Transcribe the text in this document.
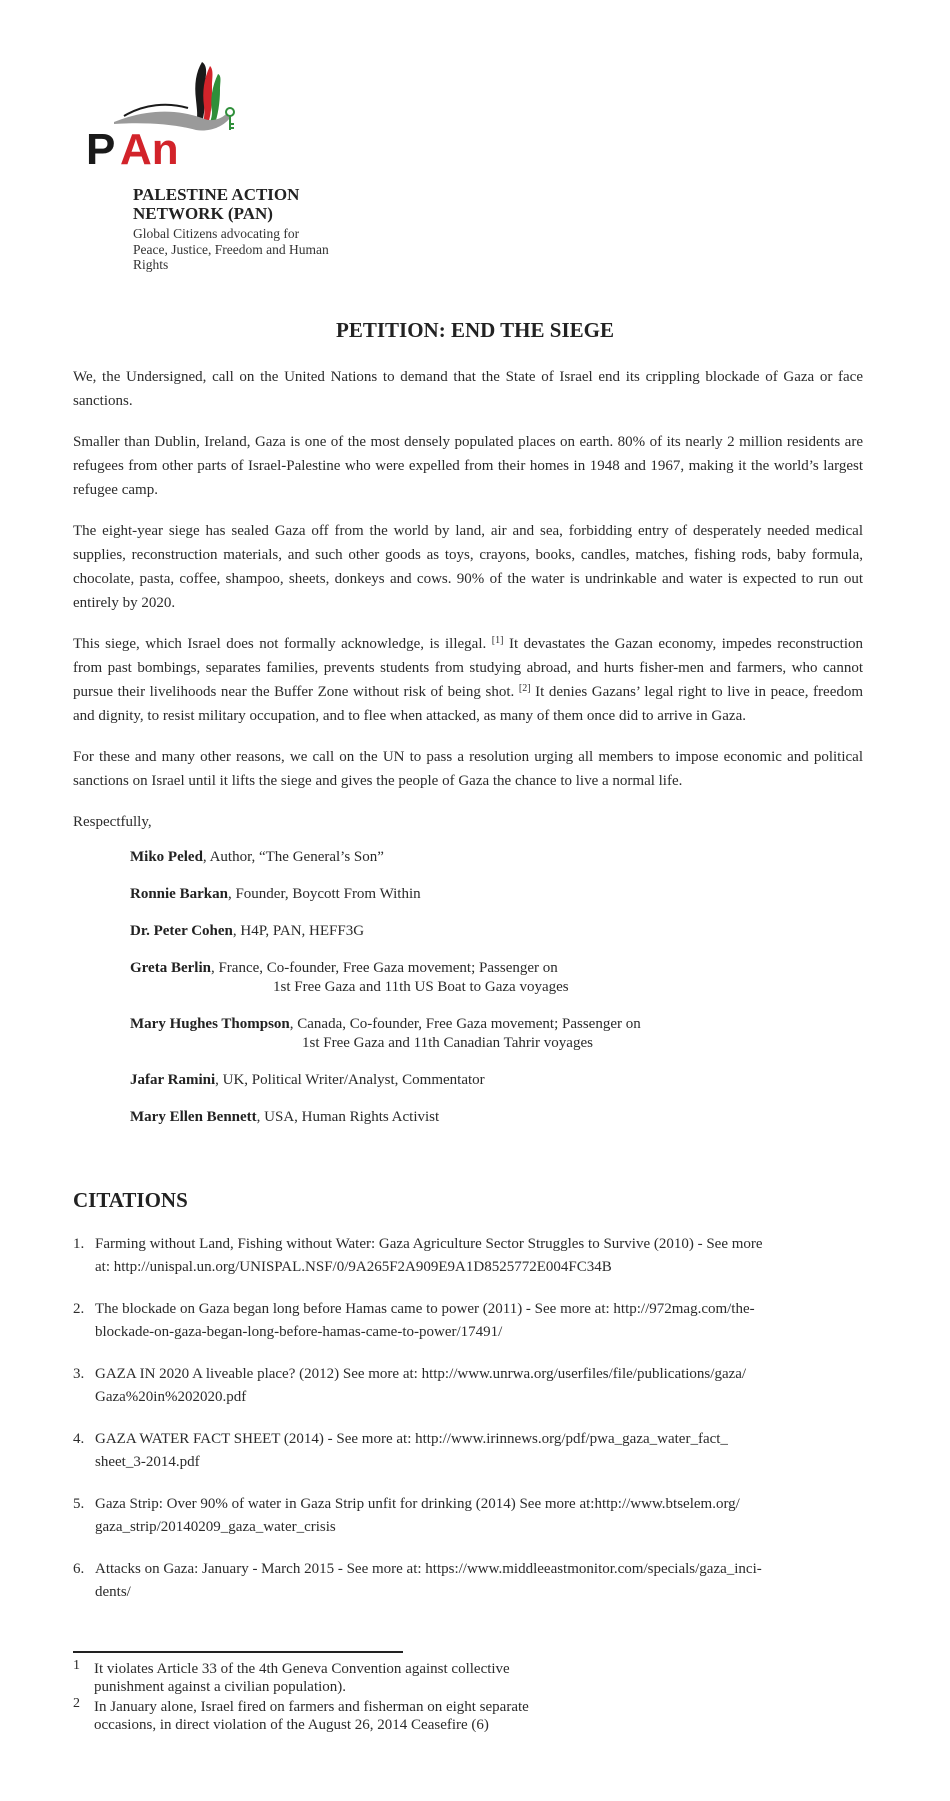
P An
PALESTINE ACTION
NETWORK (PAN)
Global Citizens advocating for Peace, Justice, Freedom and Human Rights
PETITION: END THE SIEGE

We, the Undersigned, call on the United Nations to demand that the State of Israel end its crippling blockade of Gaza or face sanctions.

Smaller than Dublin, Ireland, Gaza is one of the most densely populated places on earth. 80% of its nearly 2 million residents are refugees from other parts of Israel-Palestine who were expelled from their homes in 1948 and 1967, making it the world’s largest refugee camp.

The eight-year siege has sealed Gaza off from the world by land, air and sea, forbidding entry of desperately needed medical supplies, reconstruction materials, and such other goods as toys, crayons, books, candles, matches, fishing rods, baby formula, chocolate, pasta, coffee, shampoo, sheets, donkeys and cows. 90% of the water is undrinkable and water is expected to run out entirely by 2020.

This siege, which Israel does not formally acknowledge, is illegal. [1] It devastates the Gazan economy, impedes reconstruction from past bombings, separates families, prevents students from studying abroad, and hurts fisher-men and farmers, who cannot pursue their livelihoods near the Buffer Zone without risk of being shot. [2] It denies Gazans’ legal right to live in peace, freedom and dignity, to resist military occupation, and to flee when attacked, as many of them once did to arrive in Gaza.

For these and many other reasons, we call on the UN to pass a resolution urging all members to impose economic and political sanctions on Israel until it lifts the siege and gives the people of Gaza the chance to live a normal life.

Respectfully,

Miko Peled, Author, “The General’s Son”
Ronnie Barkan, Founder, Boycott From Within
Dr. Peter Cohen, H4P, PAN, HEFF3G
Greta Berlin, France, Co-founder, Free Gaza movement; Passenger on
1st Free Gaza and 11th US Boat to Gaza voyages
Mary Hughes Thompson, Canada, Co-founder, Free Gaza movement; Passenger on
1st Free Gaza and 11th Canadian Tahrir voyages
Jafar Ramini, UK, Political Writer/Analyst, Commentator
Mary Ellen Bennett, USA, Human Rights Activist
CITATIONS
1. Farming without Land, Fishing without Water: Gaza Agriculture Sector Struggles to Survive (2010) - See more
at: http://unispal.un.org/UNISPAL.NSF/0/9A265F2A909E9A1D8525772E004FC34B
2. The blockade on Gaza began long before Hamas came to power (2011) - See more at: http://972mag.com/the-
blockade-on-gaza-began-long-before-hamas-came-to-power/17491/
3. GAZA IN 2020 A liveable place? (2012) See more at: http://www.unrwa.org/userfiles/file/publications/gaza/
Gaza%20in%202020.pdf
4. GAZA WATER FACT SHEET (2014) - See more at: http://www.irinnews.org/pdf/pwa_gaza_water_fact_
sheet_3-2014.pdf
5. Gaza Strip: Over 90% of water in Gaza Strip unfit for drinking (2014) See more at:http://www.btselem.org/
gaza_strip/20140209_gaza_water_crisis
6. Attacks on Gaza: January - March 2015 - See more at: https://www.middleeastmonitor.com/specials/gaza_inci-
dents/
1 It violates Article 33 of the 4th Geneva Convention against collective
punishment against a civilian population).
2 In January alone, Israel fired on farmers and fisherman on eight separate
occasions, in direct violation of the August 26, 2014 Ceasefire (6)
